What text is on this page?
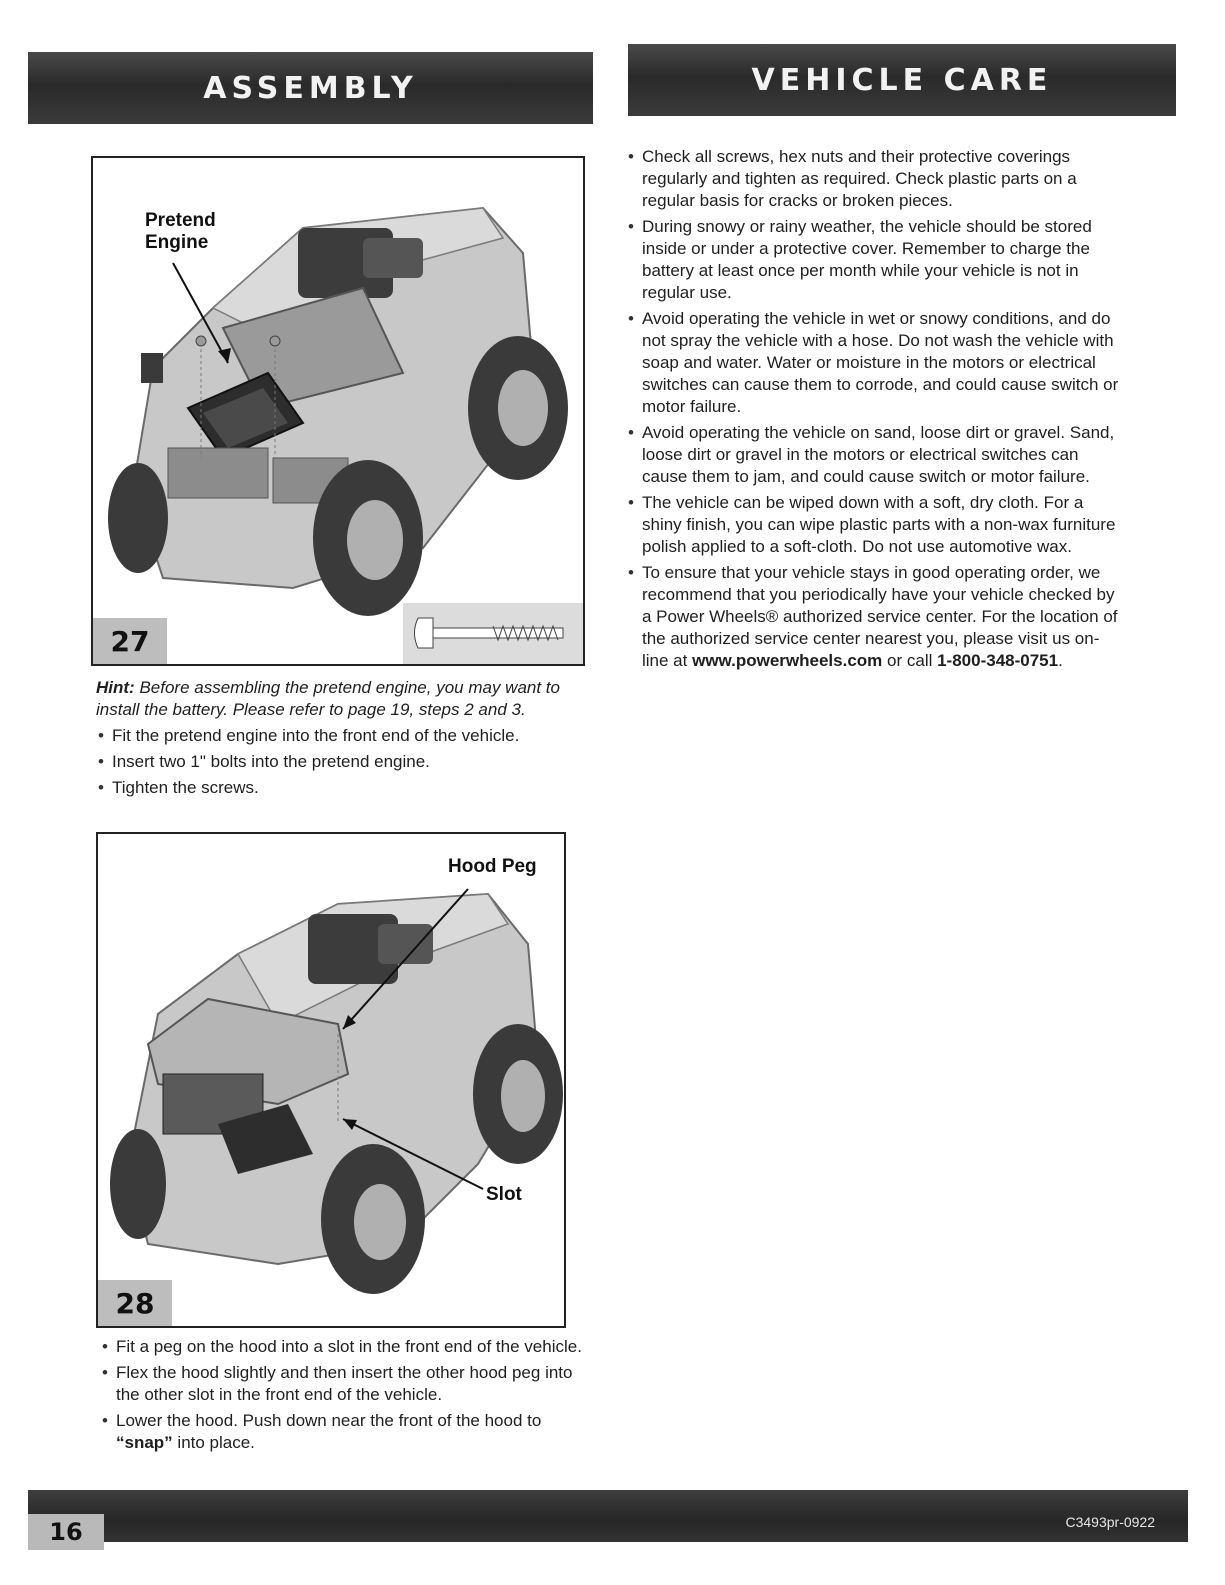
ASSEMBLY	VEHICLE CARE
Pretend
Engine
27
Hint: Before assembling the pretend engine, you may want to install the battery. Please refer to page 19, steps 2 and 3.
• Fit the pretend engine into the front end of the vehicle.
• Insert two 1" bolts into the pretend engine.
• Tighten the screws.
Hood Peg
Slot
28
• Fit a peg on the hood into a slot in the front end of the vehicle.
• Flex the hood slightly and then insert the other hood peg into the other slot in the front end of the vehicle.
• Lower the hood. Push down near the front of the hood to
“snap” into place.
• Check all screws, hex nuts and their protective coverings regularly and tighten as required. Check plastic parts on a regular basis for cracks or broken pieces.
• During snowy or rainy weather, the vehicle should be stored inside or under a protective cover. Remember to charge the battery at least once per month while your vehicle is not in regular use.
• Avoid operating the vehicle in wet or snowy conditions, and do not spray the vehicle with a hose. Do not wash the vehicle with soap and water. Water or moisture in the motors or electrical switches can cause them to corrode, and could cause switch or motor failure.
• Avoid operating the vehicle on sand, loose dirt or gravel. Sand, loose dirt or gravel in the motors or electrical switches can cause them to jam, and could cause switch or motor failure.
• The vehicle can be wiped down with a soft, dry cloth. For a shiny finish, you can wipe plastic parts with a non-wax furniture polish applied to a soft-cloth. Do not use automotive wax.
• To ensure that your vehicle stays in good operating order, we recommend that you periodically have your vehicle checked by a Power Wheels® authorized service center. For the location of the authorized service center nearest you, please visit us on-line at www.powerwheels.com or call 1-800-348-0751.
16	C3493pr-0922
